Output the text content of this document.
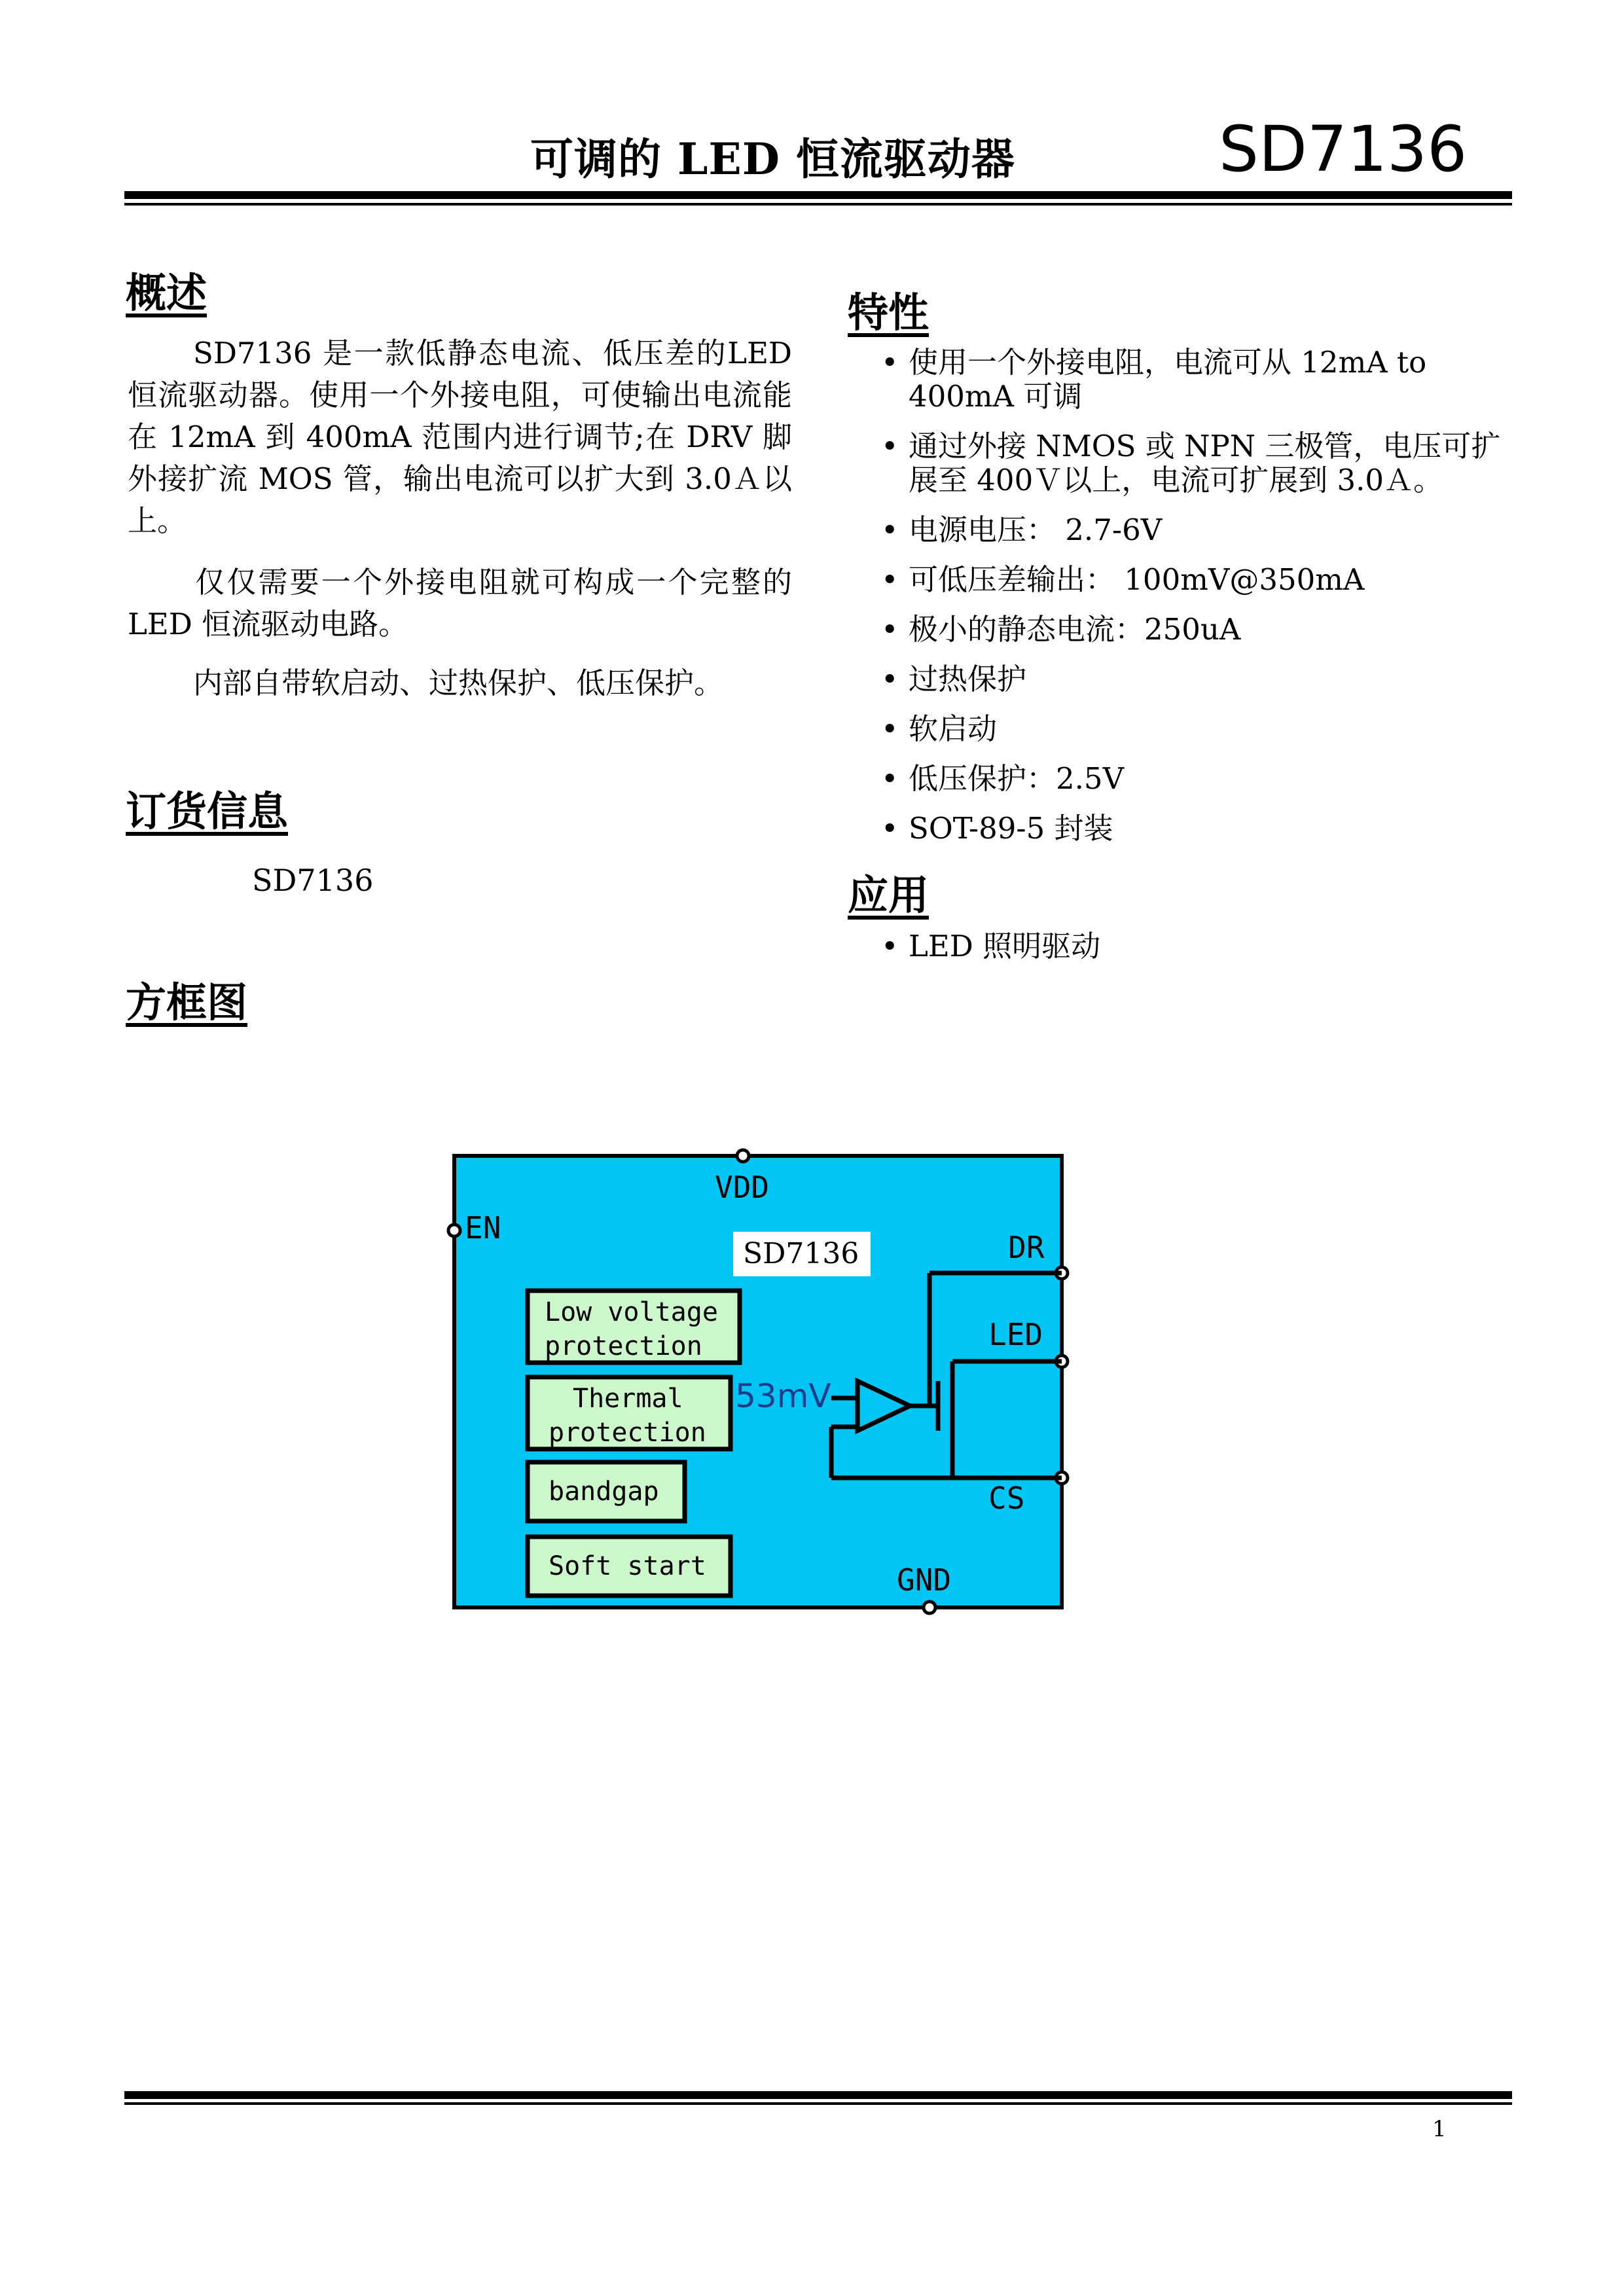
可调的 LED 恒流驱动器	SD7136
概述
SD7136 是一款低静态电流、低压差的LED 恒流驱动器。使用一个外接电阻，可使输出电流能在 12mA 到 400mA 范围内进行调节;在 DRV 脚外接扩流 MOS 管，输出电流可以扩大到 3.0Ａ以上。
仅仅需要一个外接电阻就可构成一个完整的 LED 恒流驱动电路。
内部自带软启动、过热保护、低压保护。
订货信息
SD7136
方框图
特性
• 使用一个外接电阻，电流可从 12mA to 400mA 可调
• 通过外接 NMOS 或 NPN 三极管，电压可扩展至 400Ｖ以上，电流可扩展到 3.0Ａ。
• 电源电压： 2.7-6V
• 可低压差输出： 100mV@350mA
• 极小的静态电流：250uA
• 过热保护
• 软启动
• 低压保护：2.5V
• SOT-89-5 封装
应用
• LED 照明驱动
SD7136
VDD
EN
DR
LED
CS
GND
Low voltage
protection
Thermal
protection
bandgap
Soft start
53mV
1
